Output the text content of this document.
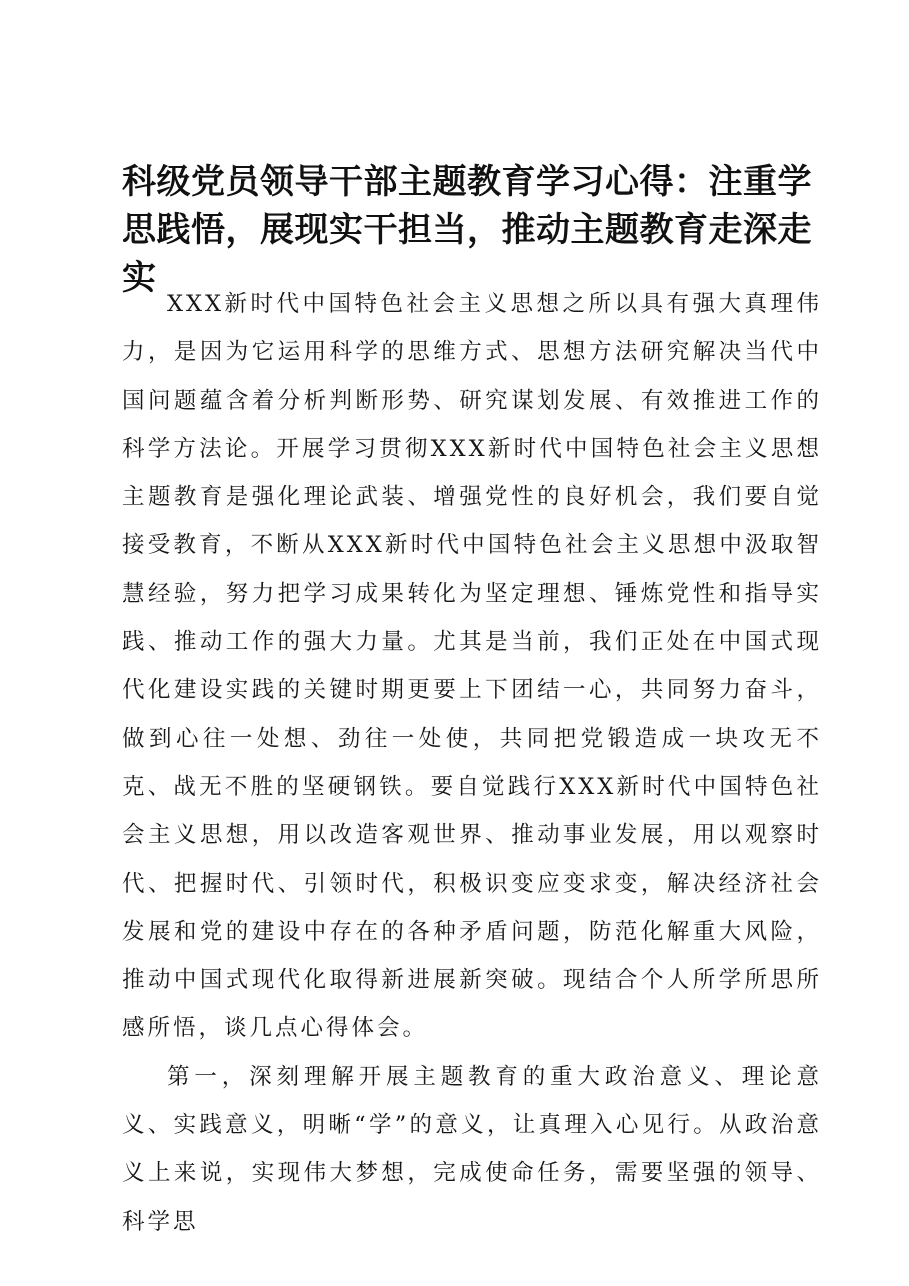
科级党员领导干部主题教育学习心得：注重学思践悟，展现实干担当，推动主题教育走深走实

XXX新时代中国特色社会主义思想之所以具有强大真理伟力，是因为它运用科学的思维方式、思想方法研究解决当代中国问题蕴含着分析判断形势、研究谋划发展、有效推进工作的科学方法论。开展学习贯彻XXX新时代中国特色社会主义思想主题教育是强化理论武装、增强党性的良好机会，我们要自觉接受教育，不断从XXX新时代中国特色社会主义思想中汲取智慧经验，努力把学习成果转化为坚定理想、锤炼党性和指导实践、推动工作的强大力量。尤其是当前，我们正处在中国式现代化建设实践的关键时期更要上下团结一心，共同努力奋斗，做到心往一处想、劲往一处使，共同把党锻造成一块攻无不克、战无不胜的坚硬钢铁。要自觉践行XXX新时代中国特色社会主义思想，用以改造客观世界、推动事业发展，用以观察时代、把握时代、引领时代，积极识变应变求变，解决经济社会发展和党的建设中存在的各种矛盾问题，防范化解重大风险，推动中国式现代化取得新进展新突破。现结合个人所学所思所感所悟，谈几点心得体会。

第一，深刻理解开展主题教育的重大政治意义、理论意义、实践意义，明晰“学”的意义，让真理入心见行。从政治意义上来说，实现伟大梦想，完成使命任务，需要坚强的领导、科学思
